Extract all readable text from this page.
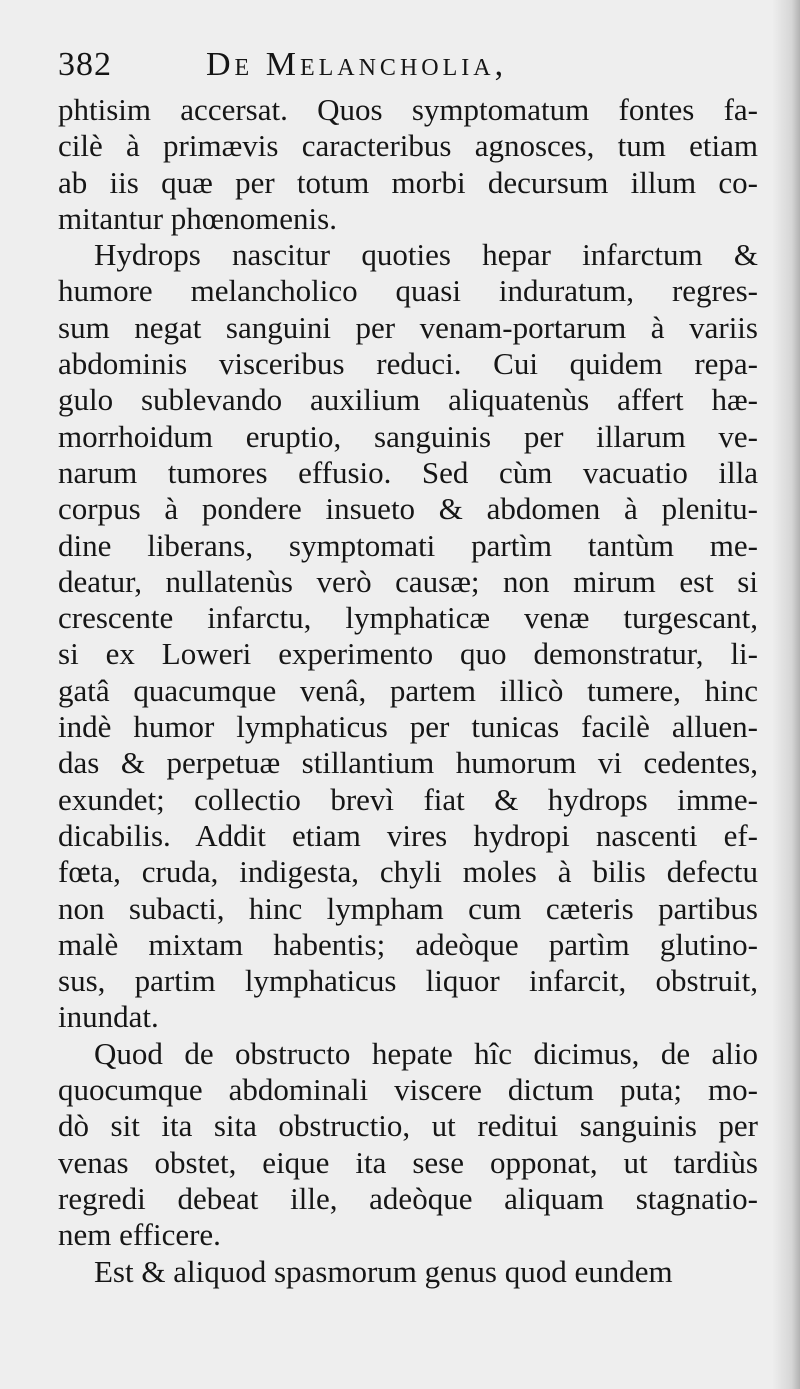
382	De Melancholia,
phtisim accersat. Quos symptomatum fontes fa-
cilè à primævis caracteribus agnosces, tum etiam
ab iis quæ per totum morbi decursum illum co-
mitantur phœnomenis.
Hydrops nascitur quoties hepar infarctum &
humore melancholico quasi induratum, regres-
sum negat sanguini per venam-portarum à variis
abdominis visceribus reduci. Cui quidem repa-
gulo sublevando auxilium aliquatenùs affert hæ-
morrhoidum eruptio, sanguinis per illarum ve-
narum tumores effusio. Sed cùm vacuatio illa
corpus à pondere insueto & abdomen à plenitu-
dine liberans, symptomati partìm tantùm me-
deatur, nullatenùs verò causæ; non mirum est si
crescente infarctu, lymphaticæ venæ turgescant,
si ex Loweri experimento quo demonstratur, li-
gatâ quacumque venâ, partem illicò tumere, hinc
indè humor lymphaticus per tunicas facilè alluen-
das & perpetuæ stillantium humorum vi cedentes,
exundet; collectio brevì fiat & hydrops imme-
dicabilis. Addit etiam vires hydropi nascenti ef-
fœta, cruda, indigesta, chyli moles à bilis defectu
non subacti, hinc lympham cum cæteris partibus
malè mixtam habentis; adeòque partìm glutino-
sus, partim lymphaticus liquor infarcit, obstruit,
inundat.
Quod de obstructo hepate hîc dicimus, de alio
quocumque abdominali viscere dictum puta; mo-
dò sit ita sita obstructio, ut reditui sanguinis per
venas obstet, eique ita sese opponat, ut tardiùs
regredi debeat ille, adeòque aliquam stagnatio-
nem efficere.
Est & aliquod spasmorum genus quod eundem
